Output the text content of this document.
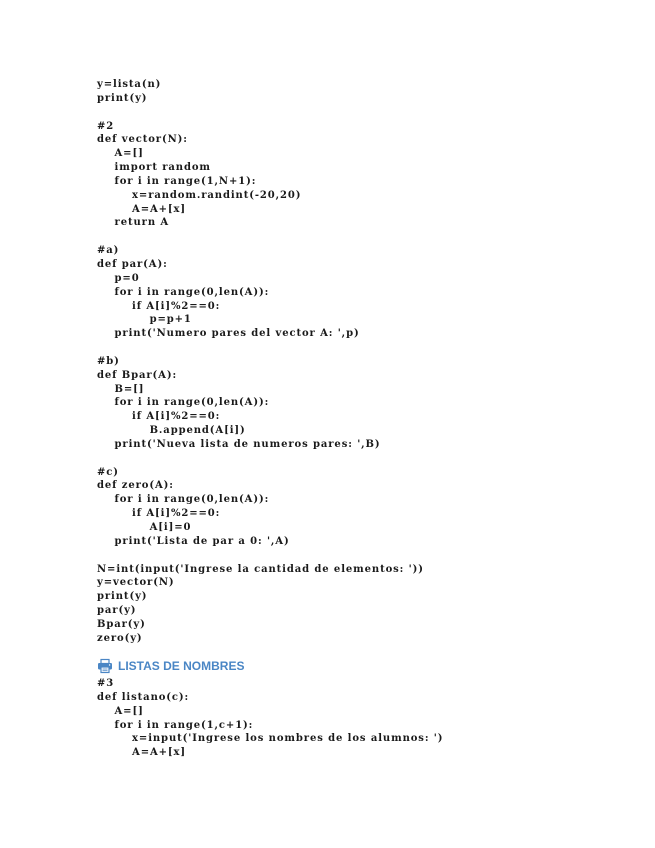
y=lista(n)
print(y)
#2
def vector(N):
A=[]
import random
for i in range(1,N+1):
x=random.randint(-20,20)
A=A+[x]
return A
#a)
def par(A):
p=0
for i in range(0,len(A)):
if A[i]%2==0:
p=p+1
print('Numero pares del vector A: ',p)
#b)
def Bpar(A):
B=[]
for i in range(0,len(A)):
if A[i]%2==0:
B.append(A[i])
print('Nueva lista de numeros pares: ',B)
#c)
def zero(A):
for i in range(0,len(A)):
if A[i]%2==0:
A[i]=0
print('Lista de par a 0: ',A)
N=int(input('Ingrese la cantidad de elementos: '))
y=vector(N)
print(y)
par(y)
Bpar(y)
zero(y)
LISTAS DE NOMBRES
#3
def listano(c):
A=[]
for i in range(1,c+1):
x=input('Ingrese los nombres de los alumnos: ')
A=A+[x]
